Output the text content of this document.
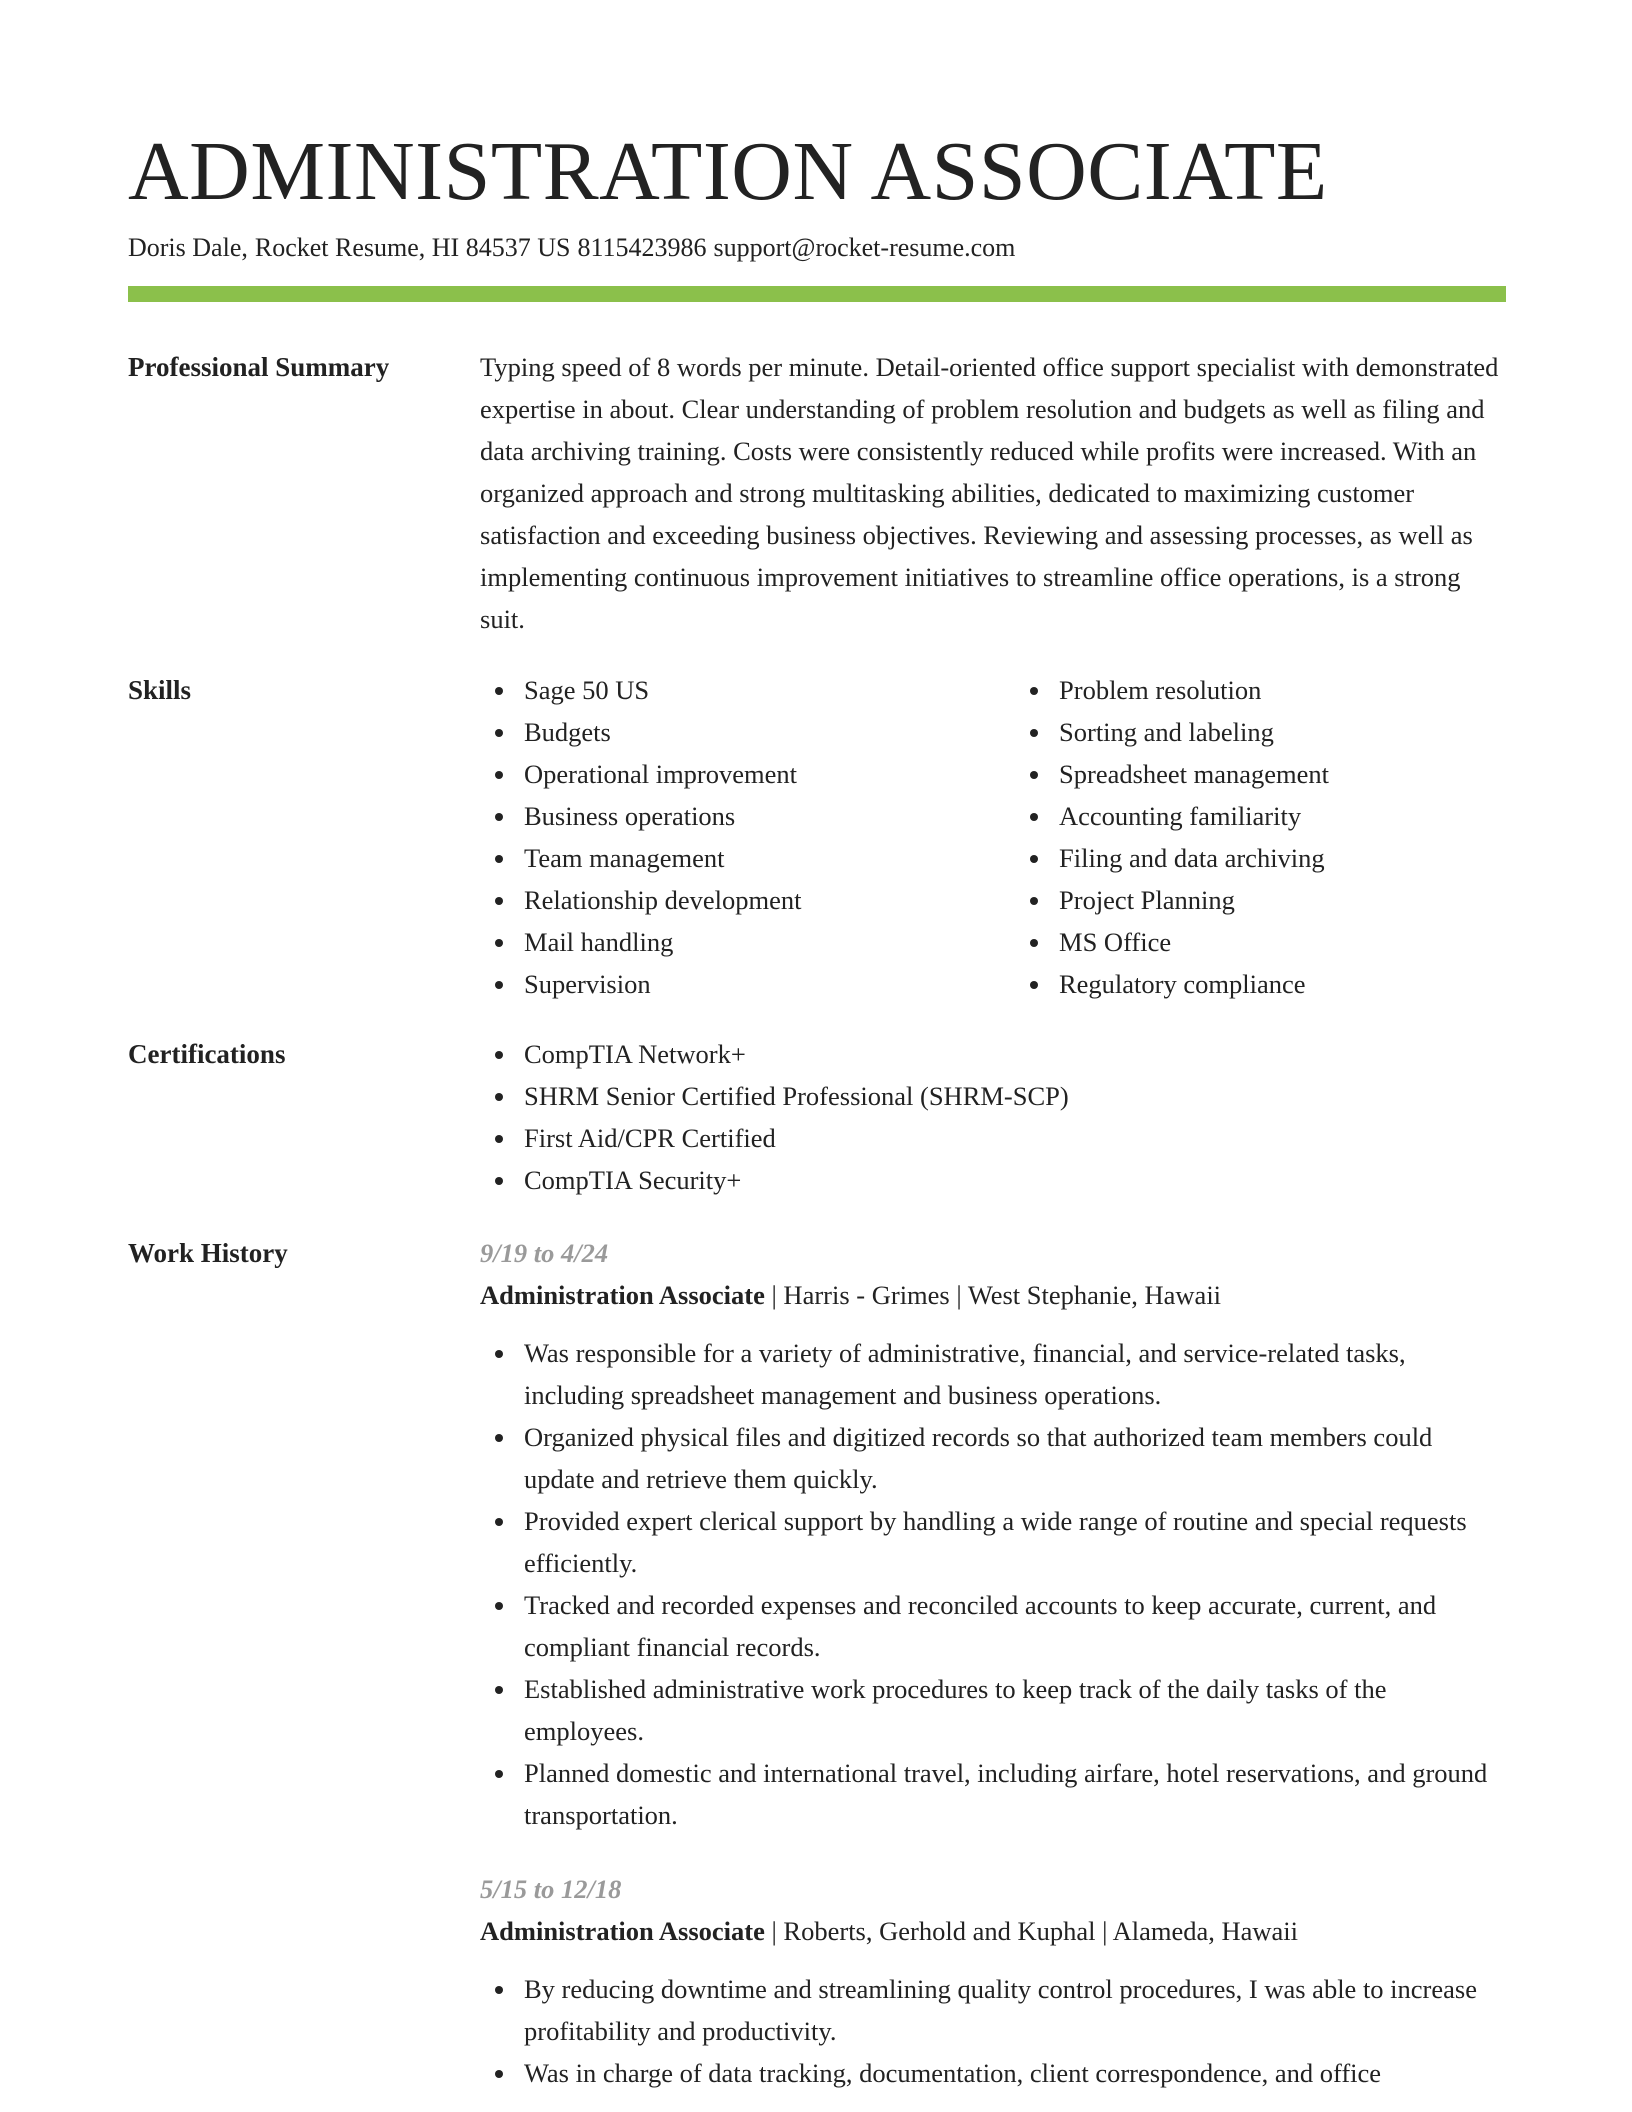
ADMINISTRATION ASSOCIATE
Doris Dale, Rocket Resume, HI 84537 US 8115423986 support@rocket-resume.com
Professional Summary	Typing speed of 8 words per minute. Detail-oriented office support specialist with demonstrated expertise in about. Clear understanding of problem resolution and budgets as well as filing and data archiving training. Costs were consistently reduced while profits were increased. With an organized approach and strong multitasking abilities, dedicated to maximizing customer satisfaction and exceeding business objectives. Reviewing and assessing processes, as well as implementing continuous improvement initiatives to streamline office operations, is a strong suit.

Skills	Sage 50 US
Budgets
Operational improvement
Business operations
Team management
Relationship development
Mail handling
Supervision
Problem resolution
Sorting and labeling
Spreadsheet management
Accounting familiarity
Filing and data archiving
Project Planning
MS Office
Regulatory compliance
Certifications	CompTIA Network+
SHRM Senior Certified Professional (SHRM-SCP)
First Aid/CPR Certified
CompTIA Security+
Work History	9/19 to 4/24
Administration Associate | Harris - Grimes | West Stephanie, Hawaii
Was responsible for a variety of administrative, financial, and service-related tasks, including spreadsheet management and business operations.
Organized physical files and digitized records so that authorized team members could update and retrieve them quickly.
Provided expert clerical support by handling a wide range of routine and special requests efficiently.
Tracked and recorded expenses and reconciled accounts to keep accurate, current, and compliant financial records.
Established administrative work procedures to keep track of the daily tasks of the employees.
Planned domestic and international travel, including airfare, hotel reservations, and ground transportation.
5/15 to 12/18
Administration Associate | Roberts, Gerhold and Kuphal | Alameda, Hawaii
By reducing downtime and streamlining quality control procedures, I was able to increase profitability and productivity.
Was in charge of data tracking, documentation, client correspondence, and office
